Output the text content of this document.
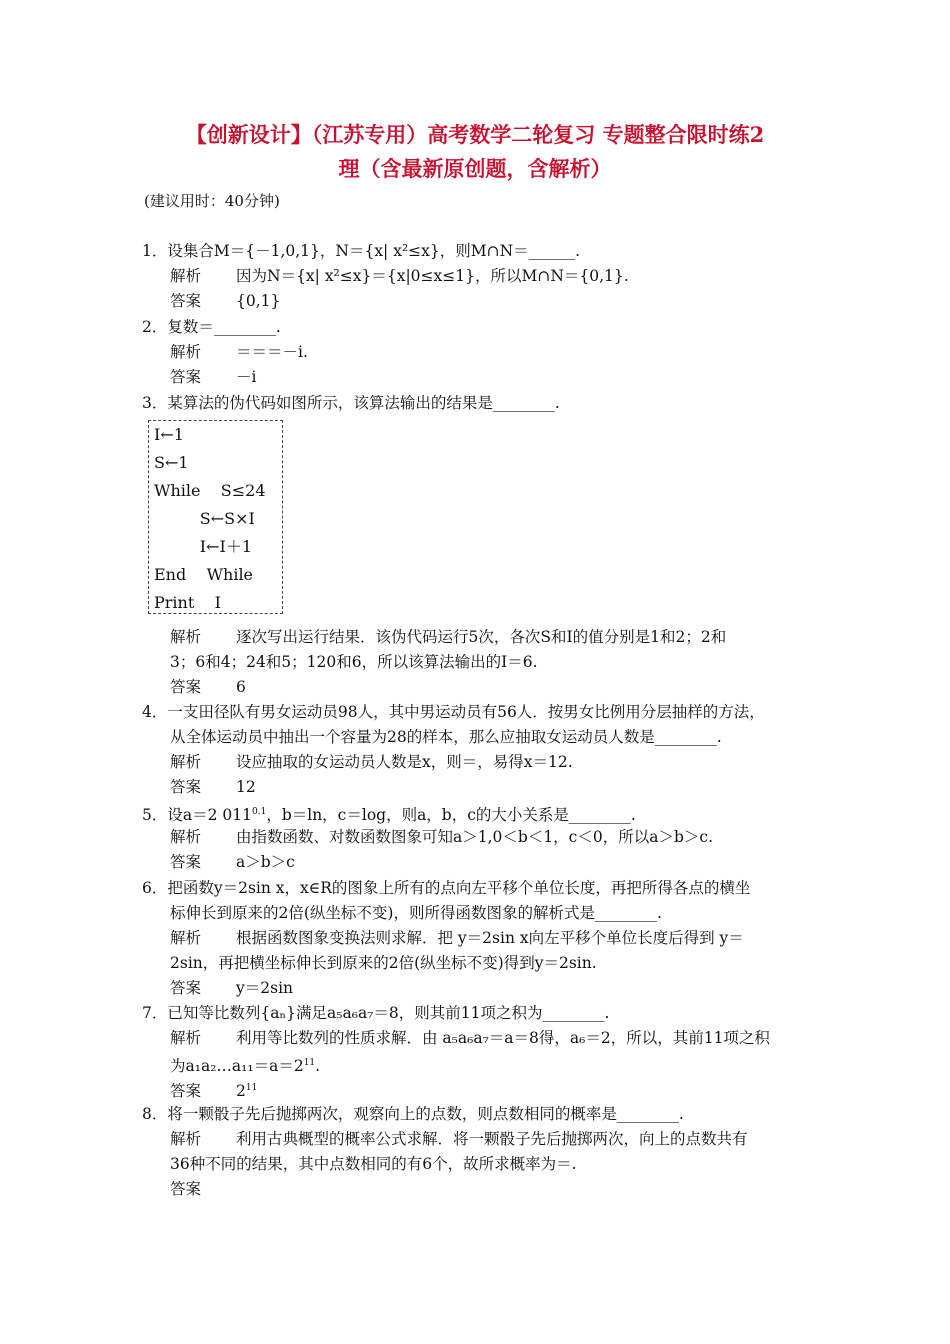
【创新设计】（江苏专用）高考数学二轮复习 专题整合限时练2
理（含最新原创题，含解析）
(建议用时：40分钟)
1．设集合M＝{－1,0,1}，N＝{x| x²≤x}，则M∩N＝______.
解析 因为N＝{x| x²≤x}＝{x|0≤x≤1}，所以M∩N＝{0,1}.
答案 {0,1}
2．复数＝________.
解析 ＝＝＝－i.
答案 －i
3．某算法的伪代码如图所示，该算法输出的结果是________.
I←1
S←1
While    S≤24
S←S×I
I←I＋1
End    While
Print    I
解析 逐次写出运行结果．该伪代码运行5次，各次S和I的值分别是1和2；2和
3；6和4；24和5；120和6，所以该算法输出的I＝6.
答案 6
4．一支田径队有男女运动员98人，其中男运动员有56人．按男女比例用分层抽样的方法，
从全体运动员中抽出一个容量为28的样本，那么应抽取女运动员人数是________.
解析 设应抽取的女运动员人数是x，则＝，易得x＝12.
答案 12
5．设a＝2 $011^{0.1}$，b＝ln，c＝log，则a，b，c的大小关系是________.
解析 由指数函数、对数函数图象可知a＞1,0＜b＜1，c＜0，所以a＞b＞c.
答案 a＞b＞c
6．把函数y＝2sin x，x∈R的图象上所有的点向左平移个单位长度，再把所得各点的横坐
标伸长到原来的2倍(纵坐标不变)，则所得函数图象的解析式是________.
解析 根据函数图象变换法则求解．把 y＝2sin x向左平移个单位长度后得到 y＝
2sin，再把横坐标伸长到原来的2倍(纵坐标不变)得到y＝2sin.
答案 y＝2sin
7．已知等比数列{aₙ}满足a₅a₆a₇＝8，则其前11项之积为________.
解析 利用等比数列的性质求解．由 a₅a₆a₇＝a＝8得，a₆＝2，所以，其前11项之积
为$a_1a_2\dots a_{11}=a=2^{11}$.
答案 $2^{11}$
8．将一颗骰子先后抛掷两次，观察向上的点数，则点数相同的概率是________.
解析 利用古典概型的概率公式求解．将一颗骰子先后抛掷两次，向上的点数共有
36种不同的结果，其中点数相同的有6个，故所求概率为＝.
答案
